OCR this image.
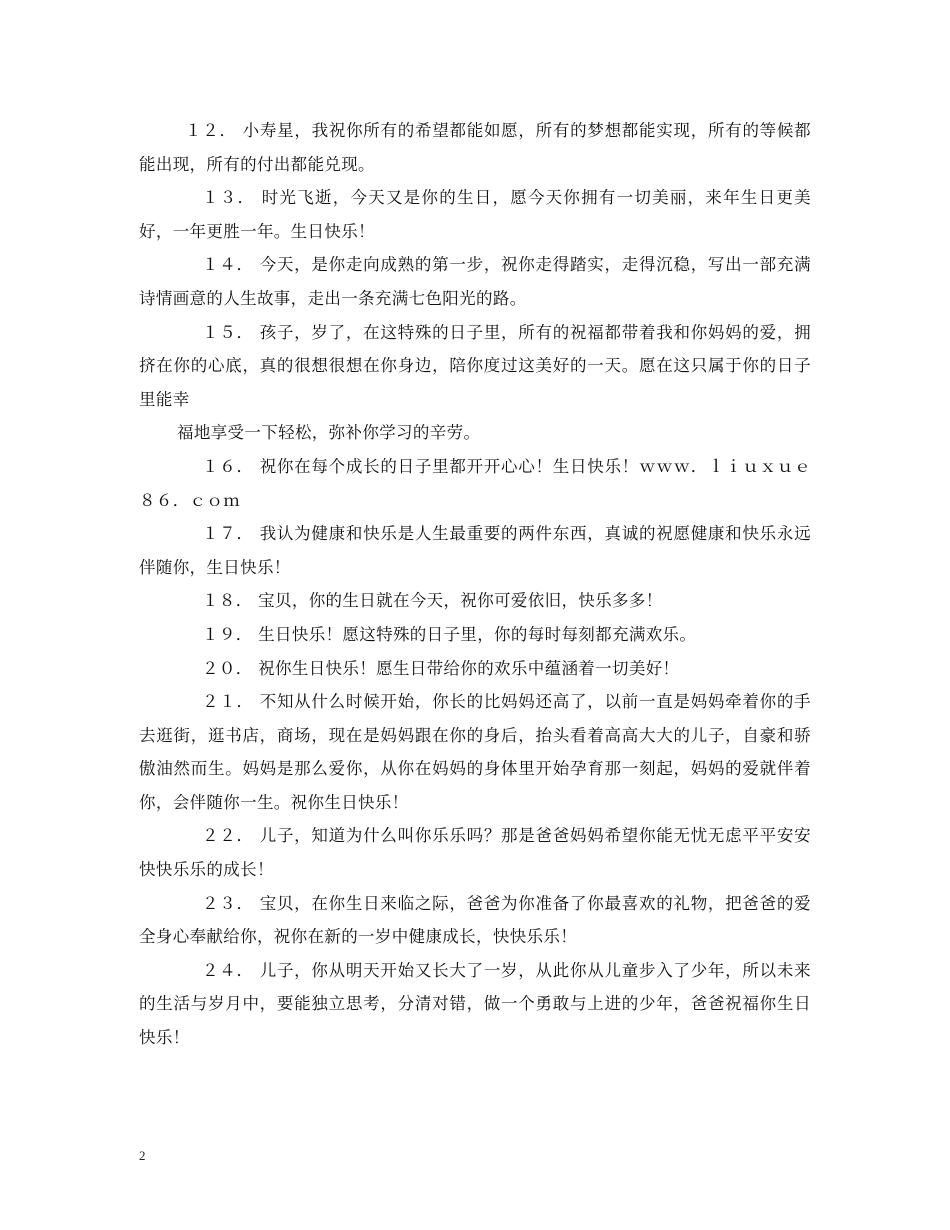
１２． 小寿星，我祝你所有的希望都能如愿，所有的梦想都能实现，所有的等候都能出现，所有的付出都能兑现。

１３． 时光飞逝，今天又是你的生日，愿今天你拥有一切美丽，来年生日更美好，一年更胜一年。生日快乐！

１４． 今天，是你走向成熟的第一步，祝你走得踏实，走得沉稳，写出一部充满诗情画意的人生故事，走出一条充满七色阳光的路。

１５． 孩子，岁了，在这特殊的日子里，所有的祝福都带着我和你妈妈的爱，拥挤在你的心底，真的很想很想在你身边，陪你度过这美好的一天。愿在这只属于你的日子里能幸

福地享受一下轻松，弥补你学习的辛劳。

１６． 祝你在每个成长的日子里都开开心心！生日快乐！ｗｗｗ．ｌｉｕｘｕｅ８６．ｃｏｍ

１７． 我认为健康和快乐是人生最重要的两件东西，真诚的祝愿健康和快乐永远伴随你，生日快乐！

１８． 宝贝，你的生日就在今天，祝你可爱依旧，快乐多多！

１９． 生日快乐！愿这特殊的日子里，你的每时每刻都充满欢乐。

２０． 祝你生日快乐！愿生日带给你的欢乐中蕴涵着一切美好！

２１． 不知从什么时候开始，你长的比妈妈还高了，以前一直是妈妈牵着你的手去逛街，逛书店，商场，现在是妈妈跟在你的身后，抬头看着高高大大的儿子，自豪和骄傲油然而生。妈妈是那么爱你，从你在妈妈的身体里开始孕育那一刻起，妈妈的爱就伴着你，会伴随你一生。祝你生日快乐！

２２． 儿子，知道为什么叫你乐乐吗？那是爸爸妈妈希望你能无忧无虑平平安安快快乐乐的成长！

２３． 宝贝，在你生日来临之际，爸爸为你准备了你最喜欢的礼物，把爸爸的爱全身心奉献给你，祝你在新的一岁中健康成长，快快乐乐！

２４． 儿子，你从明天开始又长大了一岁，从此你从儿童步入了少年，所以未来的生活与岁月中，要能独立思考，分清对错，做一个勇敢与上进的少年，爸爸祝福你生日快乐！

2
